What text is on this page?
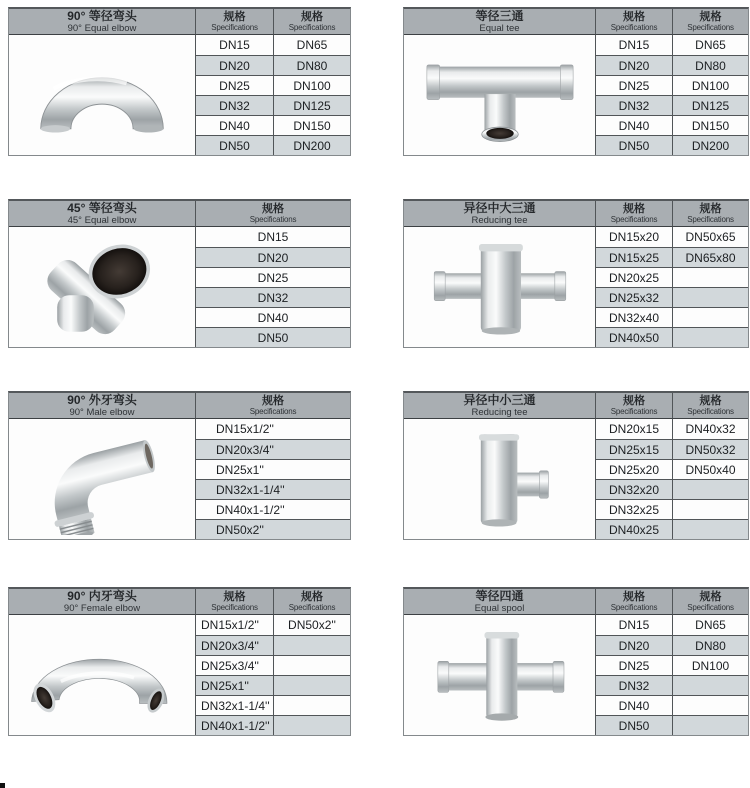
90° 等径弯头
90° Equal elbow
规格
Specifications
规格
Specifications
DN15	DN65
DN20	DN80
DN25	DN100
DN32	DN125
DN40	DN150
DN50	DN200
等径三通
Equal tee
规格
Specifications
规格
Specifications
DN15	DN65
DN20	DN80
DN25	DN100
DN32	DN125
DN40	DN150
DN50	DN200
45° 等径弯头
45° Equal elbow
规格
Specifications
DN15
DN20
DN25
DN32
DN40
DN50
异径中大三通
Reducing tee
规格
Specifications
规格
Specifications
DN15x20	DN50x65
DN15x25	DN65x80
DN20x25
DN25x32
DN32x40
DN40x50
90° 外牙弯头
90° Male elbow
规格
Specifications
DN15x1/2''
DN20x3/4''
DN25x1''
DN32x1-1/4''
DN40x1-1/2''
DN50x2''
异径中小三通
Reducing tee
规格
Specifications
规格
Specifications
DN20x15	DN40x32
DN25x15	DN50x32
DN25x20	DN50x40
DN32x20
DN32x25
DN40x25
90° 内牙弯头
90° Female elbow
规格
Specifications
规格
Specifications
DN15x1/2''	DN50x2''
DN20x3/4''
DN25x3/4''
DN25x1''
DN32x1-1/4''
DN40x1-1/2''
等径四通
Equal spool
规格
Specifications
规格
Specifications
DN15	DN65
DN20	DN80
DN25	DN100
DN32
DN40
DN50
